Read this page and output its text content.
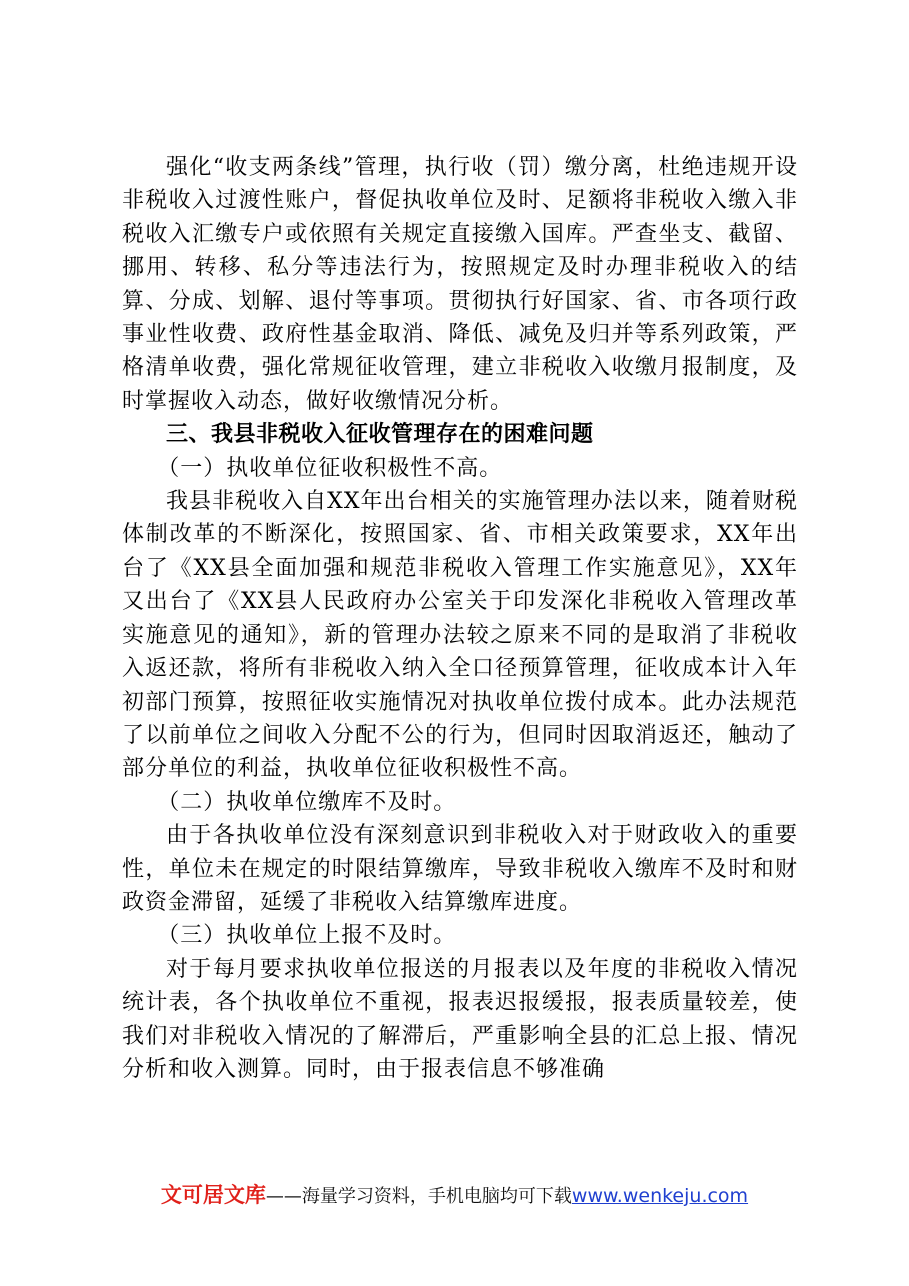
强化“收支两条线”管理，执行收（罚）缴分离，杜绝违规开设非税收入过渡性账户，督促执收单位及时、足额将非税收入缴入非税收入汇缴专户或依照有关规定直接缴入国库。严查坐支、截留、挪用、转移、私分等违法行为，按照规定及时办理非税收入的结算、分成、划解、退付等事项。贯彻执行好国家、省、市各项行政事业性收费、政府性基金取消、降低、减免及归并等系列政策，严格清单收费，强化常规征收管理，建立非税收入收缴月报制度，及时掌握收入动态，做好收缴情况分析。

三、我县非税收入征收管理存在的困难问题

（一）执收单位征收积极性不高。

我县非税收入自XX年出台相关的实施管理办法以来，随着财税体制改革的不断深化，按照国家、省、市相关政策要求，XX年出台了《XX县全面加强和规范非税收入管理工作实施意见》，XX年又出台了《XX县人民政府办公室关于印发深化非税收入管理改革实施意见的通知》，新的管理办法较之原来不同的是取消了非税收入返还款，将所有非税收入纳入全口径预算管理，征收成本计入年初部门预算，按照征收实施情况对执收单位拨付成本。此办法规范了以前单位之间收入分配不公的行为，但同时因取消返还，触动了部分单位的利益，执收单位征收积极性不高。

（二）执收单位缴库不及时。

由于各执收单位没有深刻意识到非税收入对于财政收入的重要性，单位未在规定的时限结算缴库，导致非税收入缴库不及时和财政资金滞留，延缓了非税收入结算缴库进度。

（三）执收单位上报不及时。

对于每月要求执收单位报送的月报表以及年度的非税收入情况统计表，各个执收单位不重视，报表迟报缓报，报表质量较差，使我们对非税收入情况的了解滞后，严重影响全县的汇总上报、情况分析和收入测算。同时，由于报表信息不够准确

文可居文库——海量学习资料，手机电脑均可下载www.wenkeju.com
